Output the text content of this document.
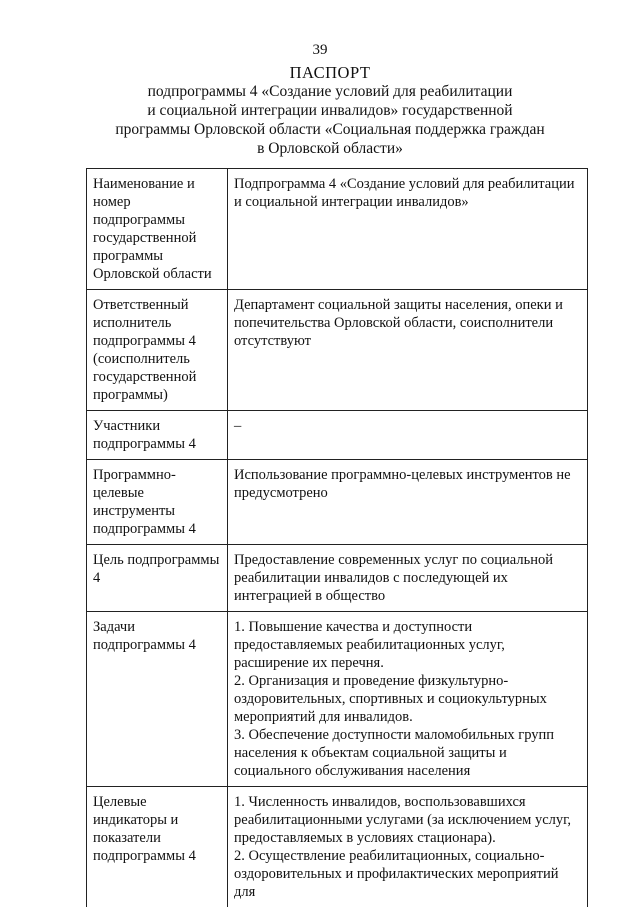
39
ПАСПОРТ
подпрограммы 4 «Создание условий для реабилитации
и социальной интеграции инвалидов» государственной
программы Орловской области «Социальная поддержка граждан
в Орловской области»
Наименование и номер подпрограммы государственной программы Орловской области	Подпрограмма 4 «Создание условий для реабилитации и социальной интеграции инвалидов»

Ответственный исполнитель подпрограммы 4 (соисполнитель государственной программы)	Департамент социальной защиты населения, опеки и попечительства Орловской области, соисполнители отсутствуют

Участники подпрограммы 4	–

Программно-целевые инструменты подпрограммы 4	Использование программно-целевых инструментов не предусмотрено

Цель подпрограммы 4	Предоставление современных услуг по социальной реабилитации инвалидов с последующей их интеграцией в общество

Задачи подпрограммы 4	1. Повышение качества и доступности предоставляемых реабилитационных услуг, расширение их перечня.
2. Организация и проведение физкультурно-оздоровительных, спортивных и социокультурных мероприятий для инвалидов.
3. Обеспечение доступности маломобильных групп населения к объектам социальной защиты и социального обслуживания населения

Целевые индикаторы и показатели подпрограммы 4	1. Численность инвалидов, воспользовавшихся реабилитационными услугами (за исключением услуг, предоставляемых в условиях стационара).
2. Осуществление реабилитационных, социально-оздоровительных и профилактических мероприятий для
